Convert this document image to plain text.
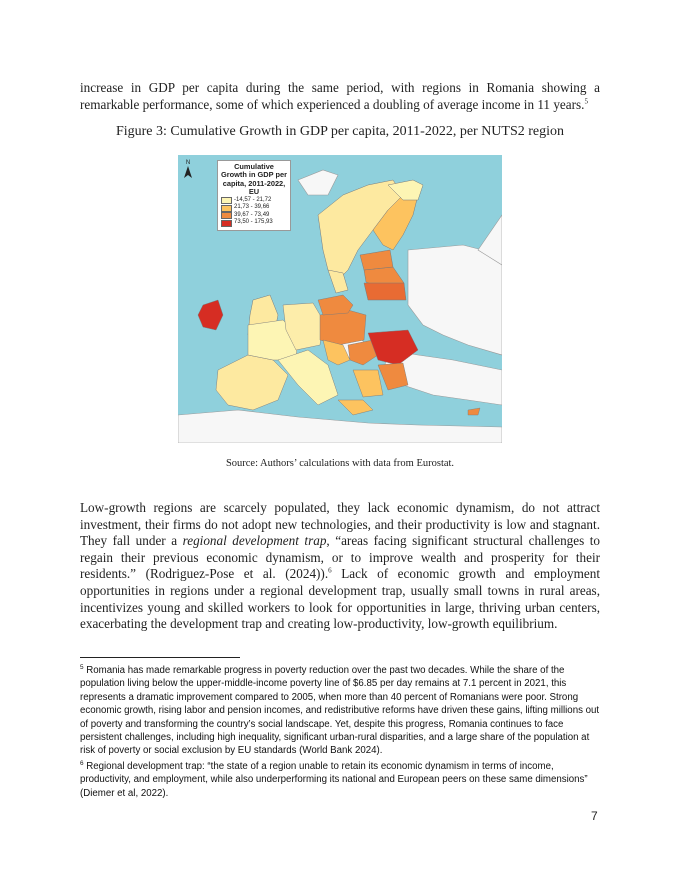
increase in GDP per capita during the same period, with regions in Romania showing a remarkable performance, some of which experienced a doubling of average income in 11 years.$^5$

Figure 3: Cumulative Growth in GDP per capita, 2011-2022, per NUTS2 region
N	Cumulative Growth in GDP per capita, 2011-2022, EU
-14,57 - 21,72
21,73 - 39,66
39,67 - 73,49
73,50 - 175,93
Source: Authors’ calculations with data from Eurostat.

Low-growth regions are scarcely populated, they lack economic dynamism, do not attract investment, their firms do not adopt new technologies, and their productivity is low and stagnant. They fall under a regional development trap, “areas facing significant structural challenges to regain their previous economic dynamism, or to improve wealth and prosperity for their residents.” (Rodriguez-Pose et al. (2024)).$^6$ Lack of economic growth and employment opportunities in regions under a regional development trap, usually small towns in rural areas, incentivizes young and skilled workers to look for opportunities in large, thriving urban centers, exacerbating the development trap and creating low-productivity, low-growth equilibrium.

$^5$ Romania has made remarkable progress in poverty reduction over the past two decades. While the share of the population living below the upper-middle-income poverty line of $6.85 per day remains at 7.1 percent in 2021, this represents a dramatic improvement compared to 2005, when more than 40 percent of Romanians were poor. Strong economic growth, rising labor and pension incomes, and redistributive reforms have driven these gains, lifting millions out of poverty and transforming the country’s social landscape. Yet, despite this progress, Romania continues to face persistent challenges, including high inequality, significant urban-rural disparities, and a large share of the population at risk of poverty or social exclusion by EU standards (World Bank 2024).

$^6$ Regional development trap: “the state of a region unable to retain its economic dynamism in terms of income, productivity, and employment, while also underperforming its national and European peers on these same dimensions” (Diemer et al, 2022).

7
